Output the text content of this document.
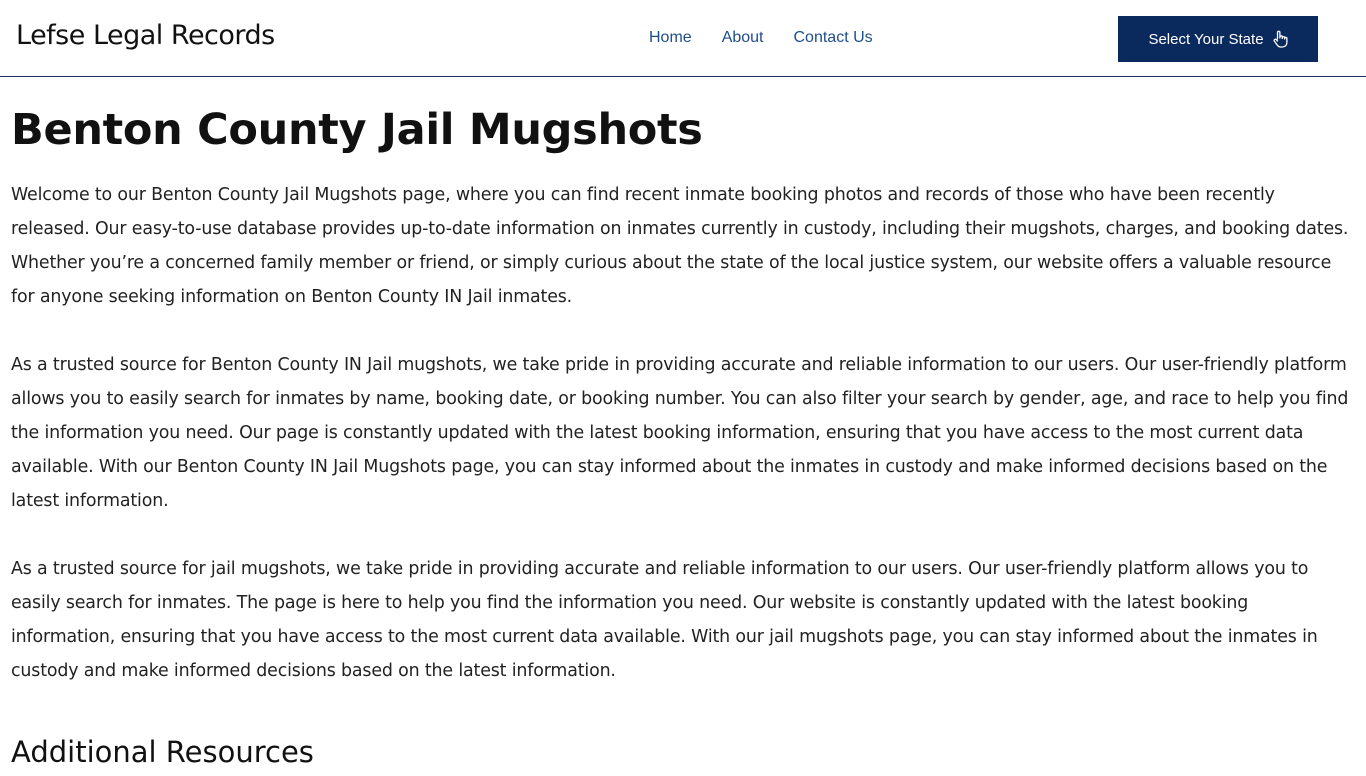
Lefse Legal Records	Home About Contact Us	Select Your State
Benton County Jail Mugshots

Welcome to our Benton County Jail Mugshots page, where you can find recent inmate booking photos and records of those who have been recently released. Our easy-to-use database provides up-to-date information on inmates currently in custody, including their mugshots, charges, and booking dates. Whether you’re a concerned family member or friend, or simply curious about the state of the local justice system, our website offers a valuable resource for anyone seeking information on Benton County IN Jail inmates.

As a trusted source for Benton County IN Jail mugshots, we take pride in providing accurate and reliable information to our users. Our user-friendly platform allows you to easily search for inmates by name, booking date, or booking number. You can also filter your search by gender, age, and race to help you find the information you need. Our page is constantly updated with the latest booking information, ensuring that you have access to the most current data available. With our Benton County IN Jail Mugshots page, you can stay informed about the inmates in custody and make informed decisions based on the latest information.

As a trusted source for jail mugshots, we take pride in providing accurate and reliable information to our users. Our user-friendly platform allows you to easily search for inmates. The page is here to help you find the information you need. Our website is constantly updated with the latest booking information, ensuring that you have access to the most current data available. With our jail mugshots page, you can stay informed about the inmates in custody and make informed decisions based on the latest information.

Additional Resources
